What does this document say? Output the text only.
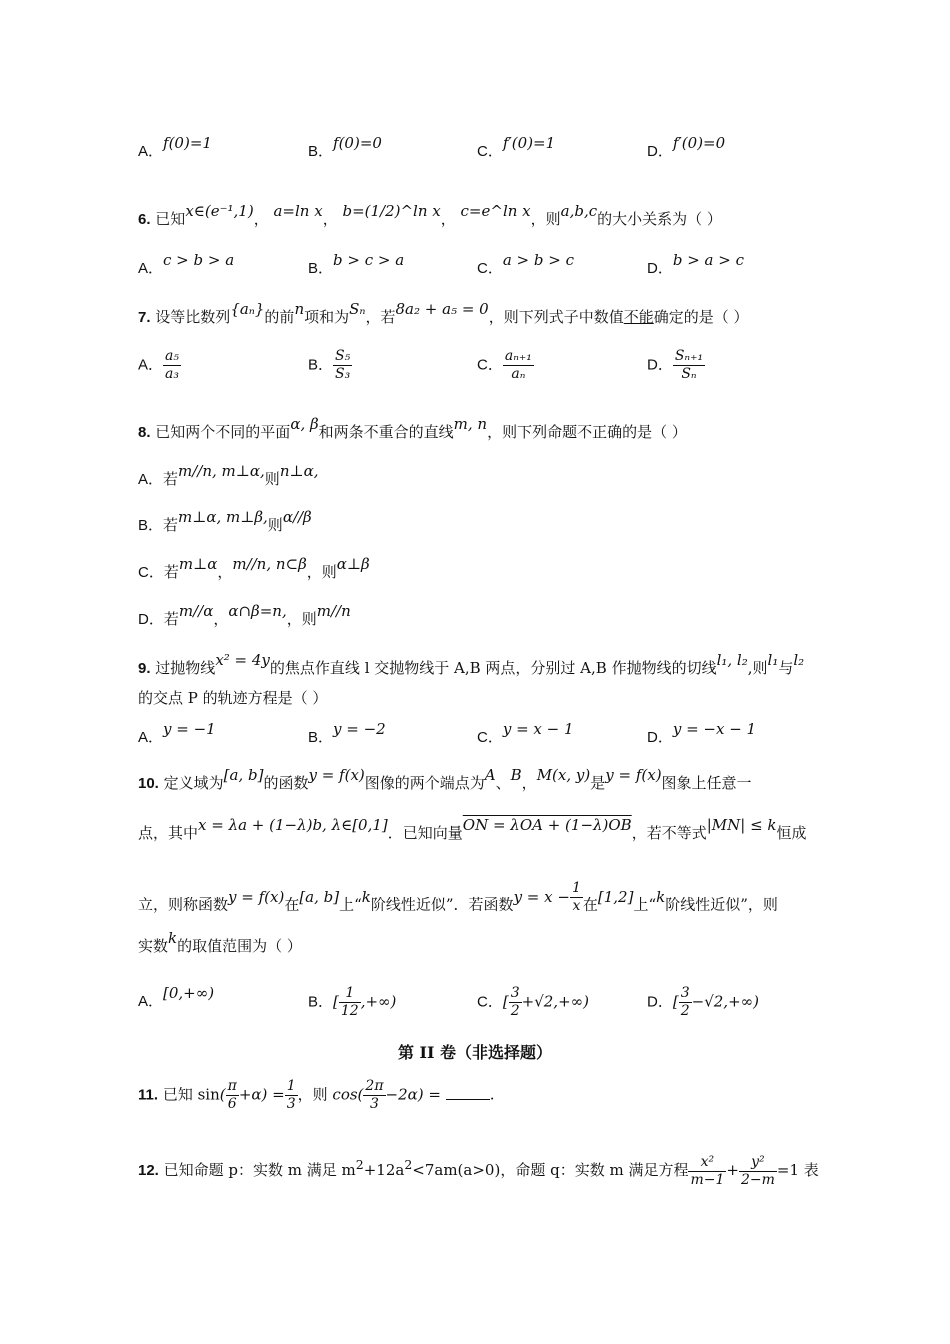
A．f(0)=1	B．f(0)=0	C．f′(0)=1	D．f′(0)=0
6. 已知x∈(e⁻¹,1)， a=ln x， b=(1/2)^ln x， c=e^ln x，则a,b,c的大小关系为（ ）
A．c > b > a	B．b > c > a	C．a > b > c	D．b > a > c
7. 设等比数列{aₙ}的前n项和为Sₙ，若8a₂ + a₅ = 0，则下列式子中数值不能确定的是（ ）
A． $\frac{\text{a₅}}{\text{a₃}}$	B． $\frac{\text{S₅}}{\text{S₃}}$	C． $\frac{\text{aₙ₊₁}}{\text{aₙ}}$	D． $\frac{\text{Sₙ₊₁}}{\text{Sₙ}}$
8. 已知两个不同的平面α, β和两条不重合的直线m, n，则下列命题不正确的是（ ）
A．若m//n, m⊥α,则n⊥α,
B．若m⊥α, m⊥β,则α//β
C．若m⊥α，m//n, n⊂β，则α⊥β
D．若m//α，α∩β=n,，则m//n
9. 过抛物线x² = 4y的焦点作直线 l 交抛物线于 A,B 两点，分别过 A,B 作抛物线的切线l₁, l₂,则l₁与l₂
的交点 P 的轨迹方程是（ ）
A．y = −1	B．y = −2	C．y = x − 1	D．y = −x − 1
10. 定义域为[a, b]的函数y = f(x)图像的两个端点为A、B，M(x, y)是y = f(x)图象上任意一
点，其中x = λa + (1−λ)b, λ∈[0,1]．已知向量ON = λOA + (1−λ)OB，若不等式|MN| ≤ k恒成
立，则称函数y = f(x)在[a, b]上“k阶线性近似”．若函数$y = x - \frac{1}{x}$ 在[1,2]上“k阶线性近似”，则
实数k的取值范围为（ ）
A．[0,+∞)	B．[ $\frac{1}{12}$ ,+∞)	C．[ $\frac{3}{2} +√2,+\infty$)	D．[ $\frac{3}{2} -√2,+\infty$)
第 II 卷（非选择题）
11. 已知 $\sin( \frac{\pi}{6} +\alpha) = \frac{1}{3}$ ，则 $\cos( \frac{2\pi}{3} -2\alpha)$ =	.
12. 已知命题 p：实数 m 满足 $m^2+12a^2<7am(a>0)$，命题 q：实数 m 满足方程 $\frac{\text{x²}}{m-1} + \frac{\text{y²}}{2-m} =1$ 表
